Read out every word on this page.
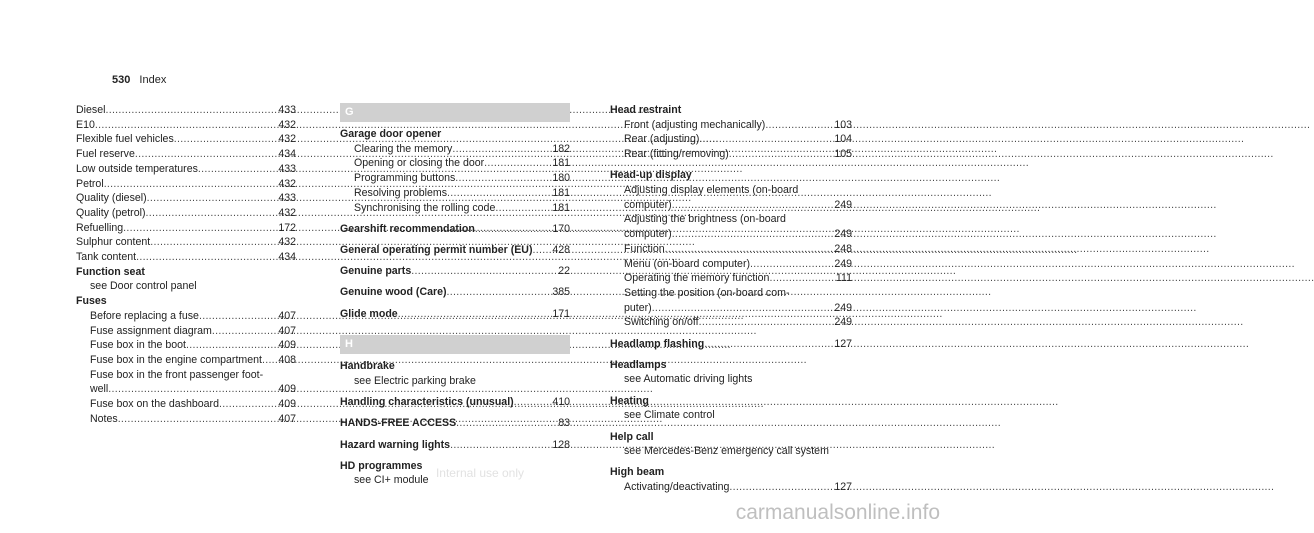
530 Index
Diesel .....	433
E10 .....	432
Flexible fuel vehicles .....	432
Fuel reserve .....	434
Low outside temperatures .....	433
Petrol .....	432
Quality (diesel) .....	433
Quality (petrol) .....	432
Refuelling .....	172
Sulphur content .....	432
Tank content .....	434
Function seat
see Door control panel
Fuses
Before replacing a fuse .....	407
Fuse assignment diagram .....	407
Fuse box in the boot .....	409
Fuse box in the engine compartment ..... 408
Fuse box in the front passenger foot-
well .....	409
Fuse box on the dashboard .....	409
Notes .....	407
G
Garage door opener
Clearing the memory .....	182
Opening or closing the door .....	181
Programming buttons .....	180
Resolving problems .....	181
Synchronising the rolling code .....	181
Gearshift recommendation .....	170
General operating permit number (EU) ..... 428
Genuine parts .....	22
Genuine wood (Care) .....	385
Glide mode .....	171
H
Handbrake
see Electric parking brake
Handling characteristics (unusual) .....	410
HANDS-FREE ACCESS .....	83
Hazard warning lights .....	128
HD programmes
see CI+ module
Head restraint
Front (adjusting mechanically) .....	103
Rear (adjusting) .....	104
Rear (fitting/removing) .....	105
Head-up display
Adjusting display elements (on-board
computer) .....	249
Adjusting the brightness (on-board
computer) .....	249
Function .....	248
Menu (on-board computer) .....	249
Operating the memory function .....	111
Setting the position (on-board com-
puter) .....	249
Switching on/off .....	249
Headlamp flashing .....	127
Headlamps
see Automatic driving lights
Heating
see Climate control
Help call
see Mercedes-Benz emergency call system
High beam
Activating/deactivating .....	127
Internal use only
carmanualsonline.info
